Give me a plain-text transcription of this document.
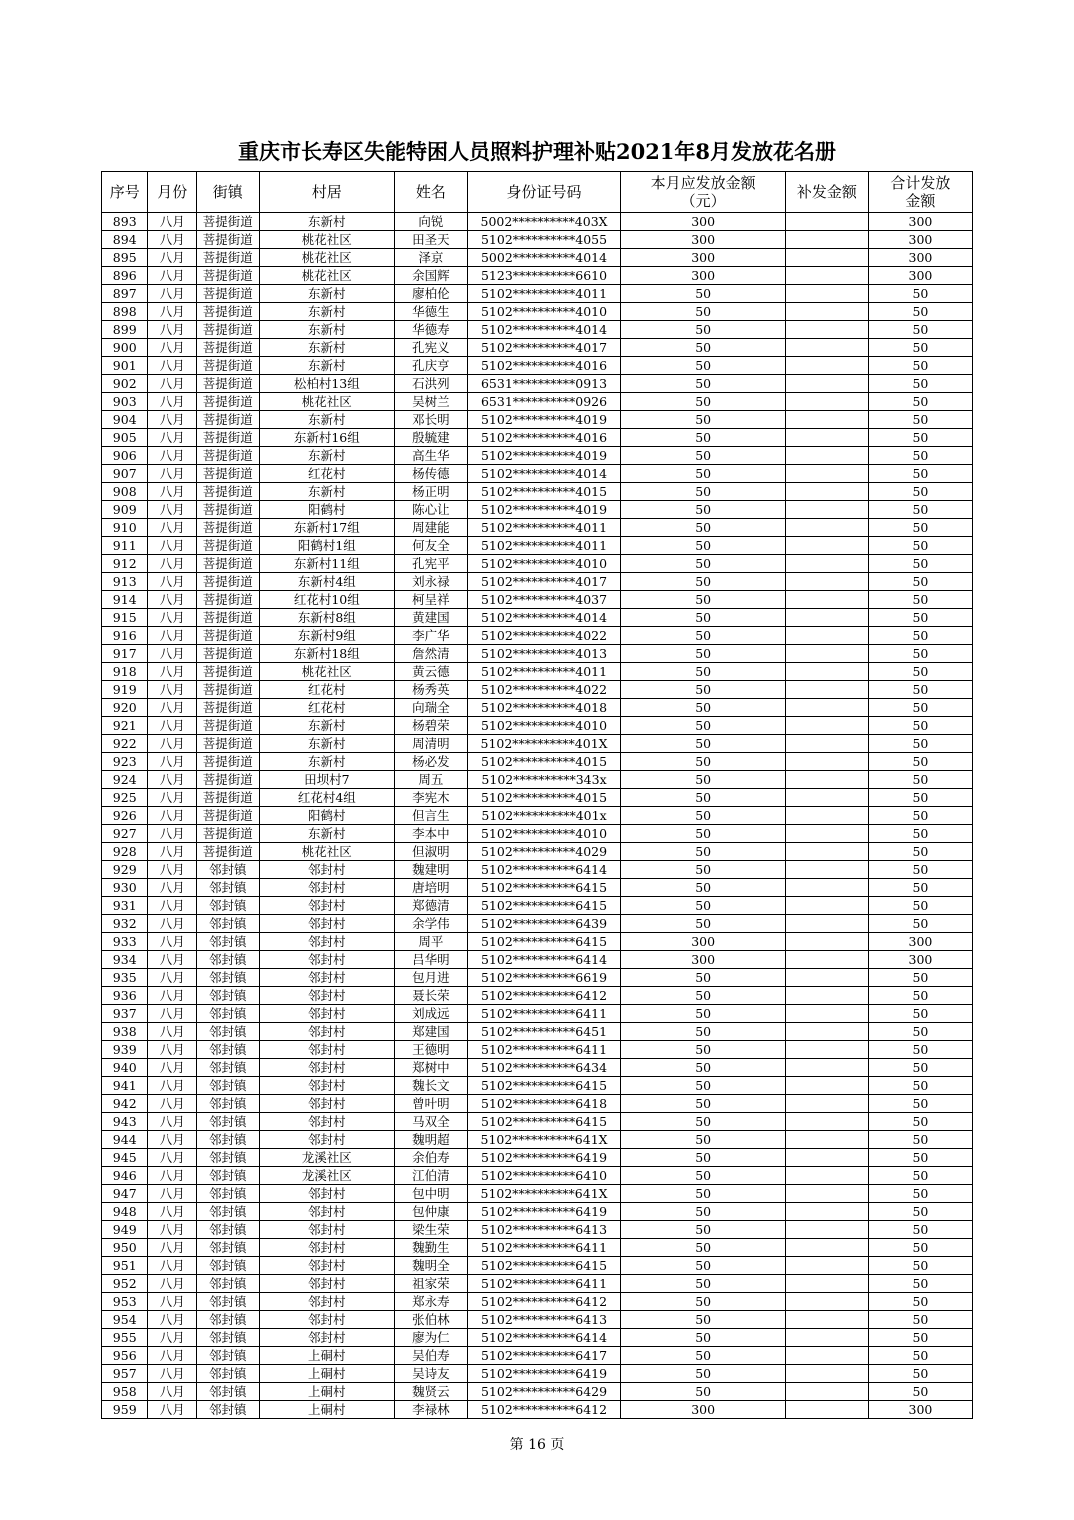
重庆市长寿区失能特困人员照料护理补贴2021年8月发放花名册
序号	月份	街镇	村居	姓名	身份证号码	本月应发放金额（元）	补发金额	合计发放金额
893	八月	菩提街道	东新村	向锐	5002**********403X	300		300
894	八月	菩提街道	桃花社区	田圣天	5102**********4055	300		300
895	八月	菩提街道	桃花社区	泽京	5002**********4014	300		300
896	八月	菩提街道	桃花社区	余国辉	5123**********6610	300		300
897	八月	菩提街道	东新村	廖柏伦	5102**********4011	50		50
898	八月	菩提街道	东新村	华德生	5102**********4010	50		50
899	八月	菩提街道	东新村	华德寿	5102**********4014	50		50
900	八月	菩提街道	东新村	孔宪义	5102**********4017	50		50
901	八月	菩提街道	东新村	孔庆亨	5102**********4016	50		50
902	八月	菩提街道	松柏村13组	石洪列	6531**********0913	50		50
903	八月	菩提街道	桃花社区	吴树兰	6531**********0926	50		50
904	八月	菩提街道	东新村	邓长明	5102**********4019	50		50
905	八月	菩提街道	东新村16组	殷毓建	5102**********4016	50		50
906	八月	菩提街道	东新村	高生华	5102**********4019	50		50
907	八月	菩提街道	红花村	杨传德	5102**********4014	50		50
908	八月	菩提街道	东新村	杨正明	5102**********4015	50		50
909	八月	菩提街道	阳鹤村	陈心让	5102**********4019	50		50
910	八月	菩提街道	东新村17组	周建能	5102**********4011	50		50
911	八月	菩提街道	阳鹤村1组	何友全	5102**********4011	50		50
912	八月	菩提街道	东新村11组	孔宪平	5102**********4010	50		50
913	八月	菩提街道	东新村4组	刘永禄	5102**********4017	50		50
914	八月	菩提街道	红花村10组	柯呈祥	5102**********4037	50		50
915	八月	菩提街道	东新村8组	黄建国	5102**********4014	50		50
916	八月	菩提街道	东新村9组	李广华	5102**********4022	50		50
917	八月	菩提街道	东新村18组	詹然清	5102**********4013	50		50
918	八月	菩提街道	桃花社区	黄云德	5102**********4011	50		50
919	八月	菩提街道	红花村	杨秀英	5102**********4022	50		50
920	八月	菩提街道	红花村	向瑞全	5102**********4018	50		50
921	八月	菩提街道	东新村	杨碧荣	5102**********4010	50		50
922	八月	菩提街道	东新村	周清明	5102**********401X	50		50
923	八月	菩提街道	东新村	杨必发	5102**********4015	50		50
924	八月	菩提街道	田坝村7	周五	5102**********343x	50		50
925	八月	菩提街道	红花村4组	李宪木	5102**********4015	50		50
926	八月	菩提街道	阳鹤村	但言生	5102**********401x	50		50
927	八月	菩提街道	东新村	李本中	5102**********4010	50		50
928	八月	菩提街道	桃花社区	但淑明	5102**********4029	50		50
929	八月	邻封镇	邻封村	魏建明	5102**********6414	50		50
930	八月	邻封镇	邻封村	唐培明	5102**********6415	50		50
931	八月	邻封镇	邻封村	郑德清	5102**********6415	50		50
932	八月	邻封镇	邻封村	余学伟	5102**********6439	50		50
933	八月	邻封镇	邻封村	周平	5102**********6415	300		300
934	八月	邻封镇	邻封村	吕华明	5102**********6414	300		300
935	八月	邻封镇	邻封村	包月进	5102**********6619	50		50
936	八月	邻封镇	邻封村	聂长荣	5102**********6412	50		50
937	八月	邻封镇	邻封村	刘成远	5102**********6411	50		50
938	八月	邻封镇	邻封村	郑建国	5102**********6451	50		50
939	八月	邻封镇	邻封村	王德明	5102**********6411	50		50
940	八月	邻封镇	邻封村	郑树中	5102**********6434	50		50
941	八月	邻封镇	邻封村	魏长文	5102**********6415	50		50
942	八月	邻封镇	邻封村	曾叶明	5102**********6418	50		50
943	八月	邻封镇	邻封村	马双全	5102**********6415	50		50
944	八月	邻封镇	邻封村	魏明超	5102**********641X	50		50
945	八月	邻封镇	龙溪社区	余伯寿	5102**********6419	50		50
946	八月	邻封镇	龙溪社区	江伯清	5102**********6410	50		50
947	八月	邻封镇	邻封村	包中明	5102**********641X	50		50
948	八月	邻封镇	邻封村	包仲康	5102**********6419	50		50
949	八月	邻封镇	邻封村	梁生荣	5102**********6413	50		50
950	八月	邻封镇	邻封村	魏勤生	5102**********6411	50		50
951	八月	邻封镇	邻封村	魏明全	5102**********6415	50		50
952	八月	邻封镇	邻封村	祖家荣	5102**********6411	50		50
953	八月	邻封镇	邻封村	郑永寿	5102**********6412	50		50
954	八月	邻封镇	邻封村	张伯林	5102**********6413	50		50
955	八月	邻封镇	邻封村	廖为仁	5102**********6414	50		50
956	八月	邻封镇	上硐村	吴伯寿	5102**********6417	50		50
957	八月	邻封镇	上硐村	吴诗友	5102**********6419	50		50
958	八月	邻封镇	上硐村	魏贤云	5102**********6429	50		50
959	八月	邻封镇	上硐村	李禄林	5102**********6412	300		300
第 16 页
